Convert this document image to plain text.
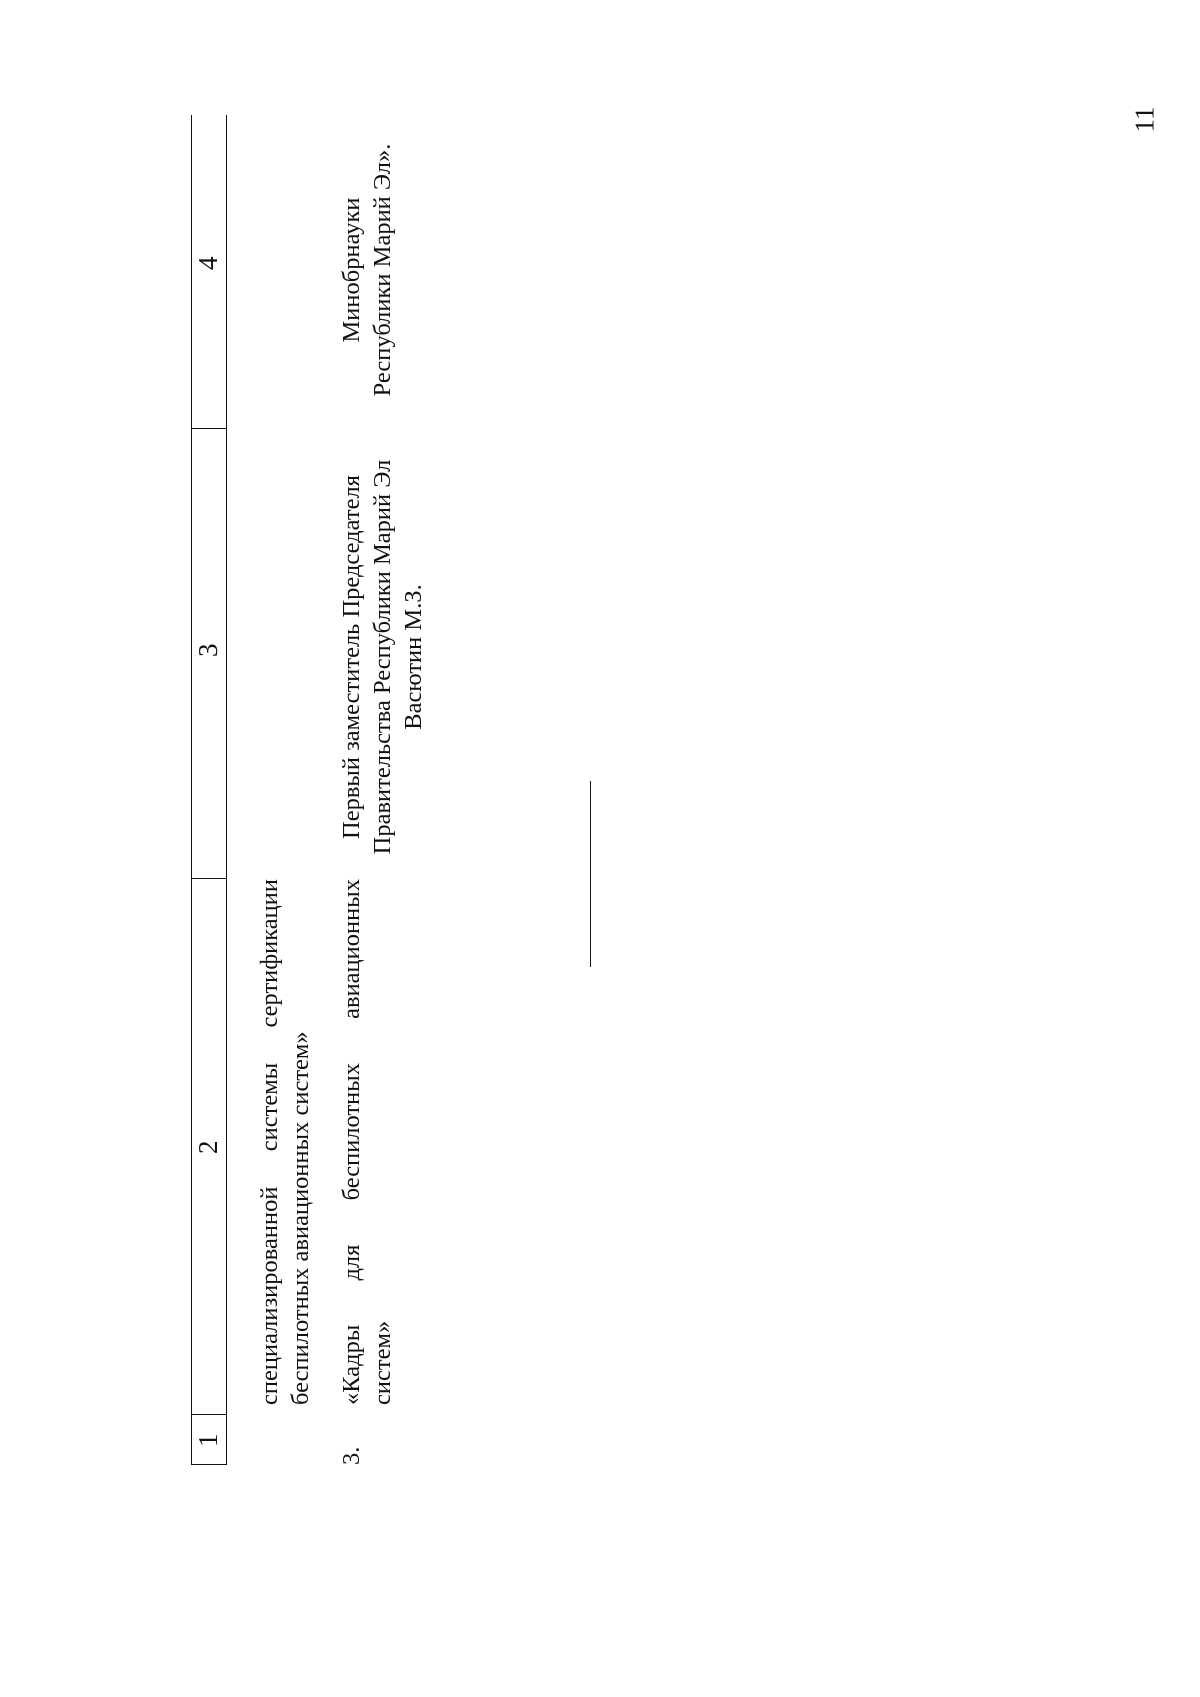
11
1
2
3
4
специализированной системы сертификации беспилотных авиационных систем»
3.
«Кадры
для
беспилотных
авиационных
систем»
Первый заместитель Председателя Правительства Республики Марий Эл Васютин М.З.
Минобрнауки Республики Марий Эл».
